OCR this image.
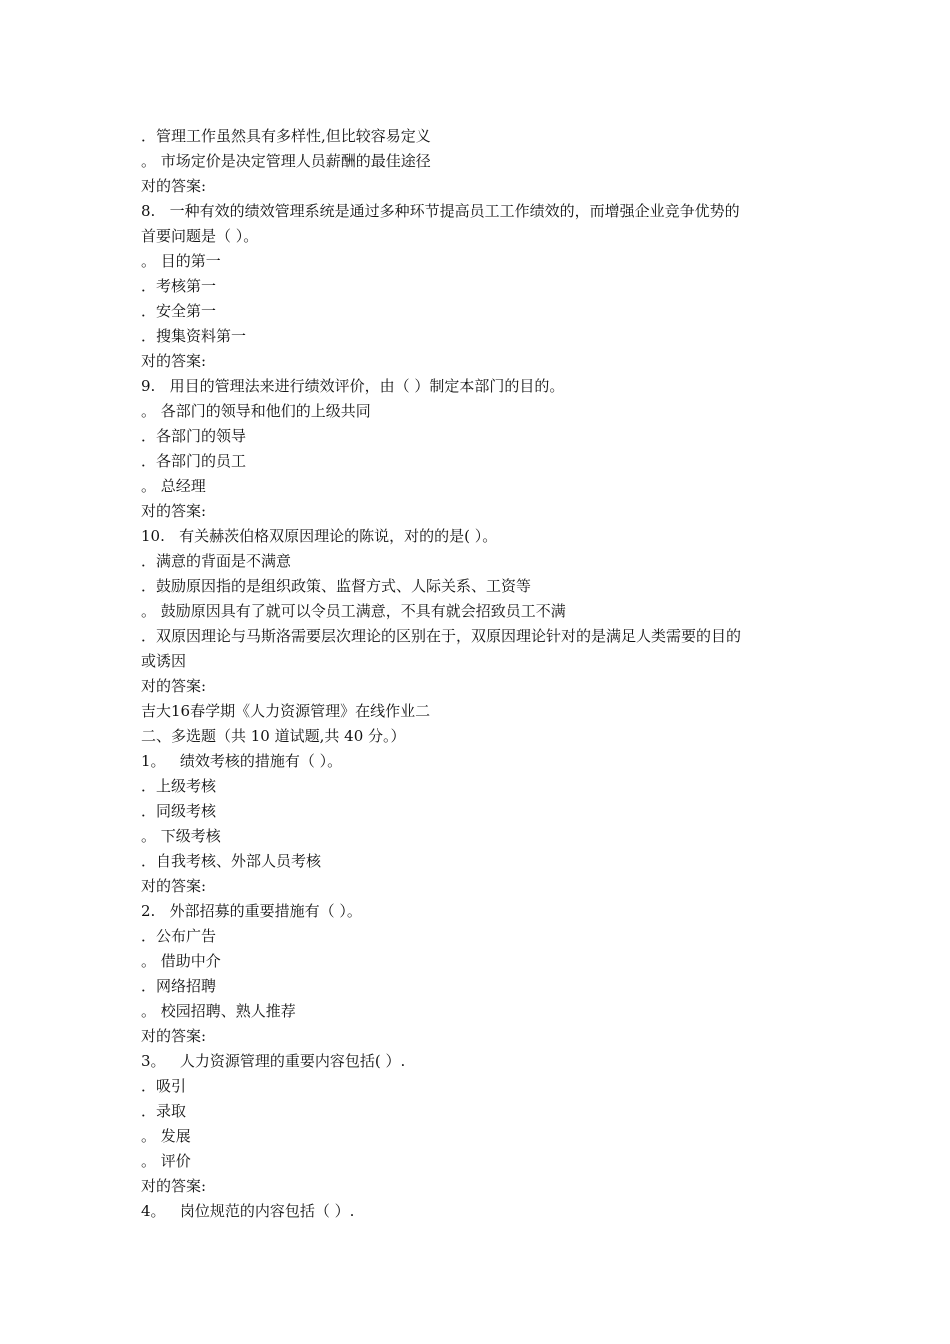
．管理工作虽然具有多样性,但比较容易定义
。 市场定价是决定管理人员薪酬的最佳途径
对的答案:
8.   一种有效的绩效管理系统是通过多种环节提高员工工作绩效的，而增强企业竞争优势的
首要问题是（ ）。
。 目的第一
．考核第一
．安全第一
．搜集资料第一
对的答案:
9.   用目的管理法来进行绩效评价，由（ ）制定本部门的目的。
。 各部门的领导和他们的上级共同
．各部门的领导
．各部门的员工
。 总经理
对的答案:
10.   有关赫茨伯格双原因理论的陈说，对的的是( ）。
．满意的背面是不满意
．鼓励原因指的是组织政策、监督方式、人际关系、工资等
。 鼓励原因具有了就可以令员工满意，不具有就会招致员工不满
．双原因理论与马斯洛需要层次理论的区别在于，双原因理论针对的是满足人类需要的目的
或诱因
对的答案:
吉大16春学期《人力资源管理》在线作业二
二、多选题（共 10 道试题,共 40 分。）
1。   绩效考核的措施有（ ）。
．上级考核
．同级考核
。 下级考核
．自我考核、外部人员考核
对的答案:
2.   外部招募的重要措施有（ ）。
．公布广告
。 借助中介
．网络招聘
。 校园招聘、熟人推荐
对的答案:
3。   人力资源管理的重要内容包括( ）.
．吸引
．录取
。 发展
。 评价
对的答案:
4。   岗位规范的内容包括（ ）.
